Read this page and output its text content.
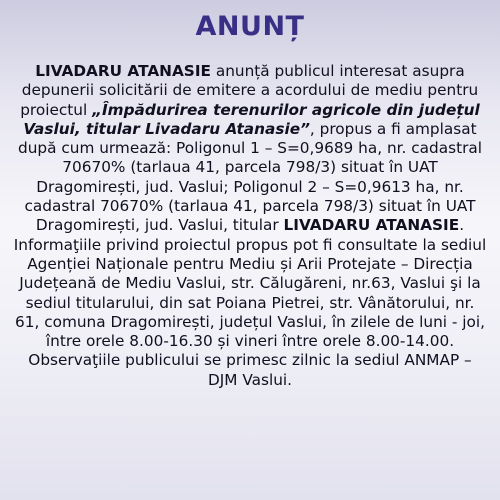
ANUNȚ

LIVADARU ATANASIE anunță publicul interesat asupra depunerii solicitării de emitere a acordului de mediu pentru proiectul „Împădurirea terenurilor agricole din județul Vaslui, titular Livadaru Atanasie”, propus a fi amplasat după cum urmează: Poligonul 1 – S=0,9689 ha, nr. cadastral 70670% (tarlaua 41, parcela 798/3) situat în UAT Dragomirești, jud. Vaslui; Poligonul 2 – S=0,9613 ha, nr. cadastral 70670% (tarlaua 41, parcela 798/3) situat în UAT Dragomirești, jud. Vaslui, titular LIVADARU ATANASIE. Informaţiile privind proiectul propus pot fi consultate la sediul Agenției Naționale pentru Mediu și Arii Protejate – Direcția Județeană de Mediu Vaslui, str. Călugăreni, nr.63, Vaslui şi la sediul titularului, din sat Poiana Pietrei, str. Vânătorului, nr. 61, comuna Dragomirești, județul Vaslui, în zilele de luni - joi, între orele 8.00-16.30 și vineri între orele 8.00-14.00. Observaţiile publicului se primesc zilnic la sediul ANMAP – DJM Vaslui.
